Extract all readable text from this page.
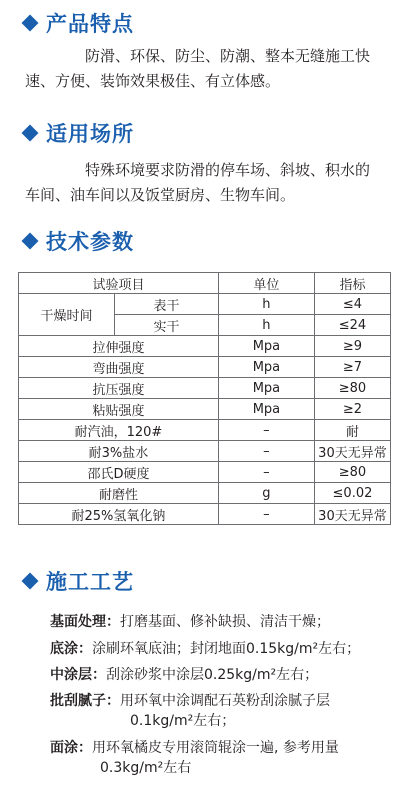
产品特点
防滑、环保、防尘、防潮、整本无缝施工快
速、方便、装饰效果极佳、有立体感。
适用场所
特殊环境要求防滑的停车场、斜坡、积水的
车间、油车间以及饭堂厨房、生物车间。
技术参数
试验项目		单位	指标
干燥时间	表干	h	≤4
	实干	h	≤24
拉伸强度		Mpa	≥9
弯曲强度		Mpa	≥7
抗压强度		Mpa	≥80
粘贴强度		Mpa	≥2
耐汽油，120#		–	耐
耐3%盐水		–	30天无异常
邵氏D硬度		–	≥80
耐磨性		g	≤0.02
耐25%氢氧化钠		–	30天无异常
施工工艺
基面处理：打磨基面、修补缺损、清洁干燥；
底涂：涂刷环氧底油；封闭地面0.15kg/m²左右；
中涂层：刮涂砂浆中涂层0.25kg/m²左右；
批刮腻子：用环氧中涂调配石英粉刮涂腻子层
0.1kg/m²左右；
面涂：用环氧橘皮专用滚筒辊涂一遍, 参考用量
0.3kg/m²左右
